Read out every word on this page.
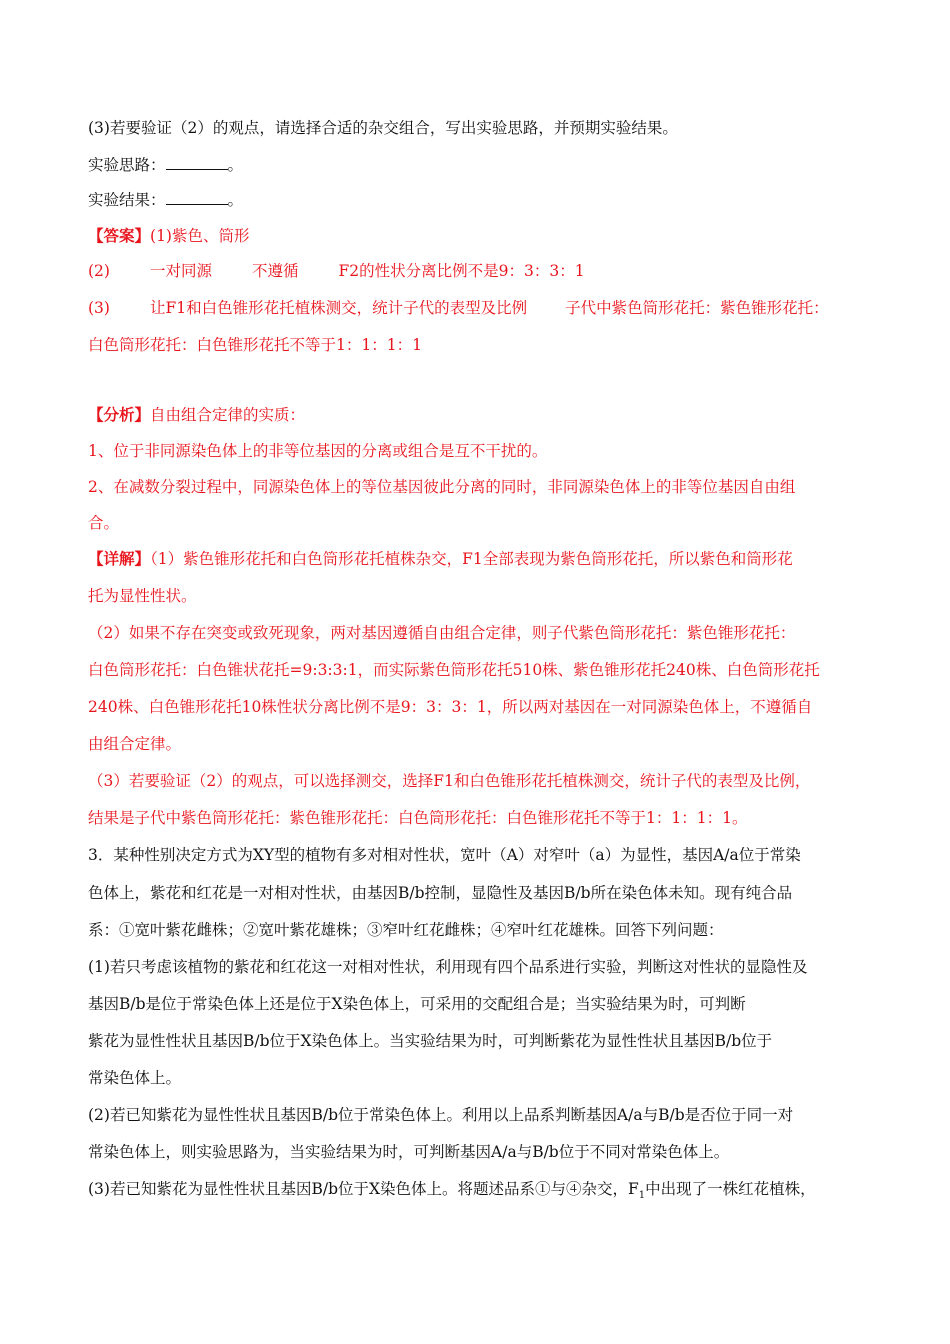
(3)若要验证（2）的观点，请选择合适的杂交组合，写出实验思路，并预期实验结果。
实验思路：	。
实验结果：	。
【答案】(1)紫色、筒形
(2)	一对同源	不遵循	F2的性状分离比例不是9：3：3：1
(3)	让F1和白色锥形花托植株测交，统计子代的表型及比例 子代中紫色筒形花托：紫色锥形花托：
白色筒形花托：白色锥形花托不等于1：1：1：1
【分析】自由组合定律的实质：
1、位于非同源染色体上的非等位基因的分离或组合是互不干扰的。
2、在减数分裂过程中，同源染色体上的等位基因彼此分离的同时，非同源染色体上的非等位基因自由组
合。
【详解】（1）紫色锥形花托和白色筒形花托植株杂交，F1全部表现为紫色筒形花托，所以紫色和筒形花
托为显性性状。
（2）如果不存在突变或致死现象，两对基因遵循自由组合定律，则子代紫色筒形花托：紫色锥形花托：
白色筒形花托：白色锥状花托=9:3:3:1，而实际紫色筒形花托510株、紫色锥形花托240株、白色筒形花托
240株、白色锥形花托10株性状分离比例不是9：3：3：1，所以两对基因在一对同源染色体上，不遵循自
由组合定律。
（3）若要验证（2）的观点，可以选择测交，选择F1和白色锥形花托植株测交，统计子代的表型及比例，
结果是子代中紫色筒形花托：紫色锥形花托：白色筒形花托：白色锥形花托不等于1：1：1：1。
3．某种性别决定方式为XY型的植物有多对相对性状，宽叶（A）对窄叶（a）为显性，基因A/a位于常染
色体上，紫花和红花是一对相对性状，由基因B/b控制，显隐性及基因B/b所在染色体未知。现有纯合品
系：①宽叶紫花雌株；②宽叶紫花雄株；③窄叶红花雌株；④窄叶红花雄株。回答下列问题：
(1)若只考虑该植物的紫花和红花这一对相对性状，利用现有四个品系进行实验，判断这对性状的显隐性及
基因B/b是位于常染色体上还是位于X染色体上，可采用的交配组合是；当实验结果为时，可判断
紫花为显性性状且基因B/b位于X染色体上。当实验结果为时，可判断紫花为显性性状且基因B/b位于
常染色体上。
(2)若已知紫花为显性性状且基因B/b位于常染色体上。利用以上品系判断基因A/a与B/b是否位于同一对
常染色体上，则实验思路为，当实验结果为时，可判断基因A/a与B/b位于不同对常染色体上。
(3)若已知紫花为显性性状且基因B/b位于X染色体上。将题述品系①与④杂交，$F_1$中出现了一株红花植株，
